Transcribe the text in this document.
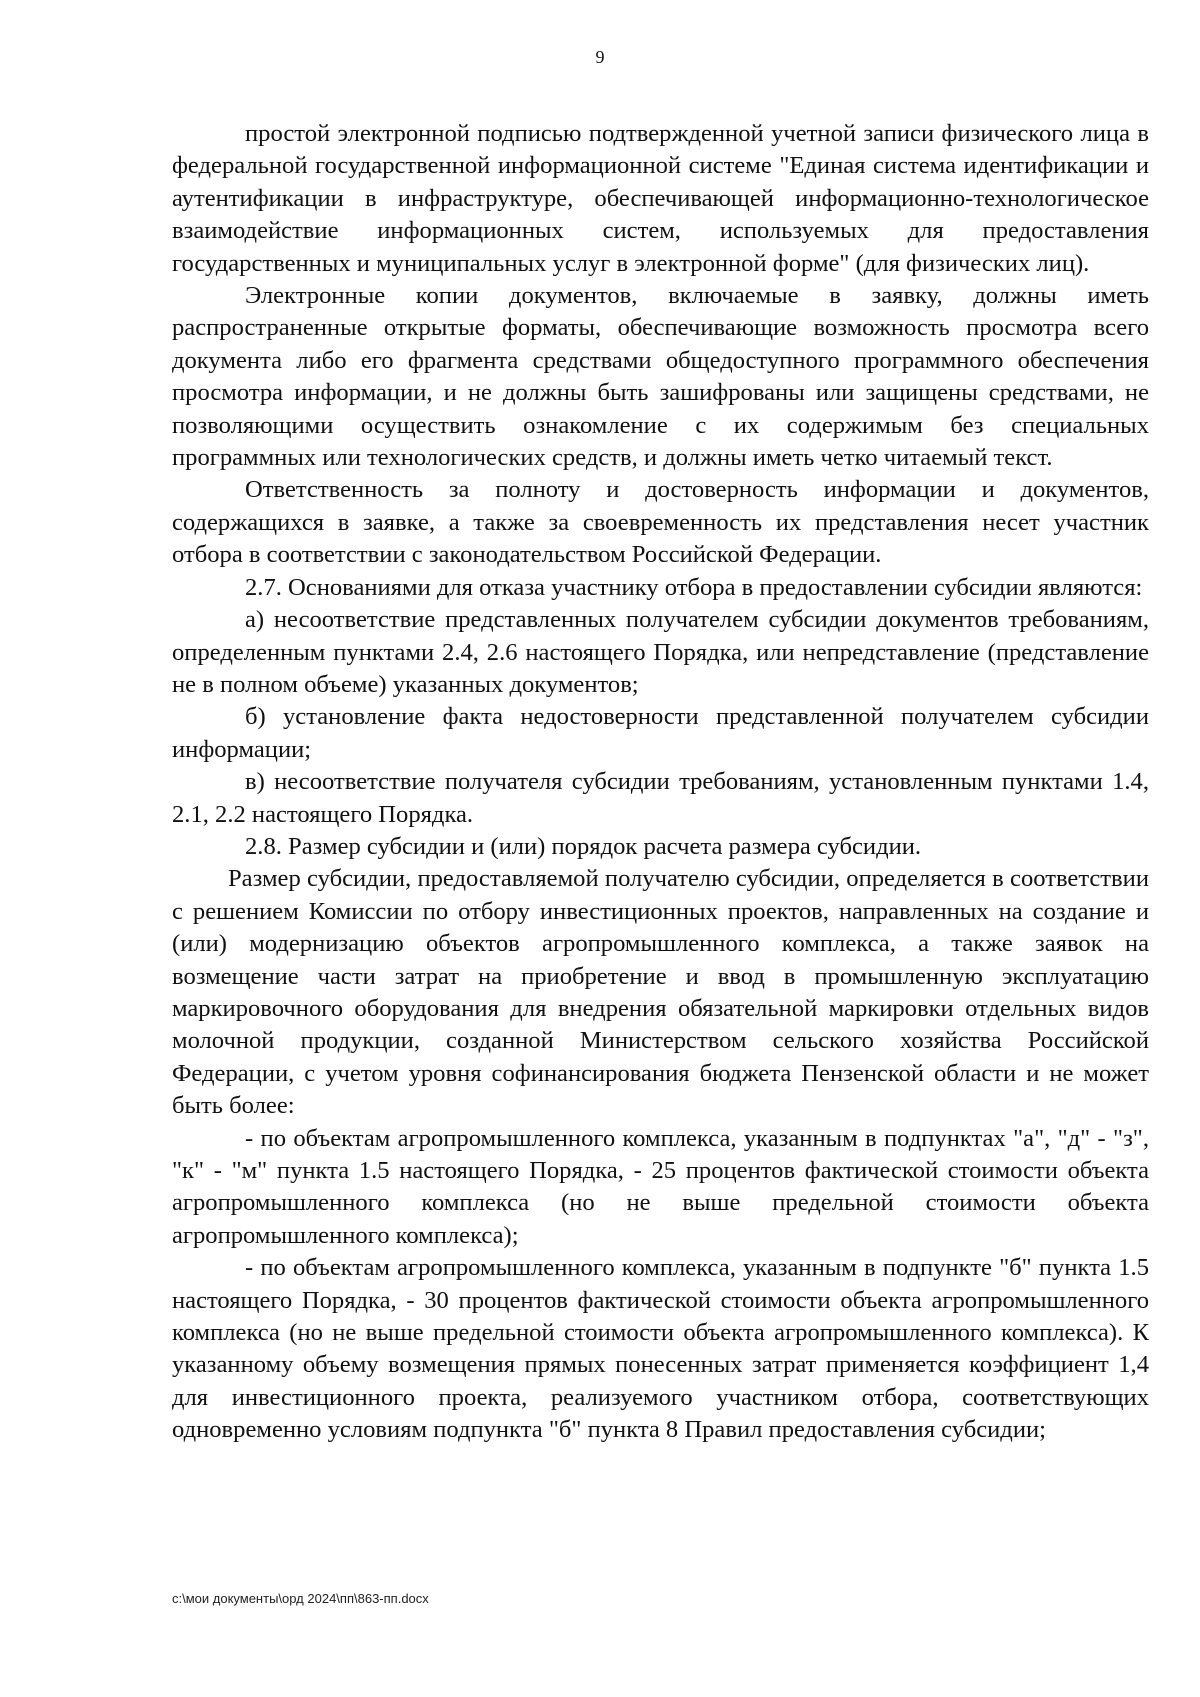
9

простой электронной подписью подтвержденной учетной записи физического лица в федеральной государственной информационной системе "Единая система идентификации и аутентификации в инфраструктуре, обеспечивающей информационно-технологическое взаимодействие информационных систем, используемых для предоставления государственных и муниципальных услуг в электронной форме" (для физических лиц).

Электронные копии документов, включаемые в заявку, должны иметь распространенные открытые форматы, обеспечивающие возможность просмотра всего документа либо его фрагмента средствами общедоступного программного обеспечения просмотра информации, и не должны быть зашифрованы или защищены средствами, не позволяющими осуществить ознакомление с их содержимым без специальных программных или технологических средств, и должны иметь четко читаемый текст.

Ответственность за полноту и достоверность информации и документов, содержащихся в заявке, а также за своевременность их представления несет участник отбора в соответствии с законодательством Российской Федерации.

2.7. Основаниями для отказа участнику отбора в предоставлении субсидии являются:

а) несоответствие представленных получателем субсидии документов требованиям, определенным пунктами 2.4, 2.6 настоящего Порядка, или непредставление (представление не в полном объеме) указанных документов;

б) установление факта недостоверности представленной получателем субсидии информации;

в) несоответствие получателя субсидии требованиям, установленным пунктами 1.4, 2.1, 2.2 настоящего Порядка.

2.8. Размер субсидии и (или) порядок расчета размера субсидии.

Размер субсидии, предоставляемой получателю субсидии, определяется в соответствии с решением Комиссии по отбору инвестиционных проектов, направленных на создание и (или) модернизацию объектов агропромышленного комплекса, а также заявок на возмещение части затрат на приобретение и ввод в промышленную эксплуатацию маркировочного оборудования для внедрения обязательной маркировки отдельных видов молочной продукции, созданной Министерством сельского хозяйства Российской Федерации, с учетом уровня софинансирования бюджета Пензенской области и не может быть более:

- по объектам агропромышленного комплекса, указанным в подпунктах "а", "д" - "з", "к" - "м" пункта 1.5 настоящего Порядка, - 25 процентов фактической стоимости объекта агропромышленного комплекса (но не выше предельной стоимости объекта агропромышленного комплекса);

- по объектам агропромышленного комплекса, указанным в подпункте "б" пункта 1.5 настоящего Порядка, - 30 процентов фактической стоимости объекта агропромышленного комплекса (но не выше предельной стоимости объекта агропромышленного комплекса). К указанному объему возмещения прямых понесенных затрат применяется коэффициент 1,4 для инвестиционного проекта, реализуемого участником отбора, соответствующих одновременно условиям подпункта "б" пункта 8 Правил предоставления субсидии;

c:\мои документы\орд 2024\пп\863-пп.docx
